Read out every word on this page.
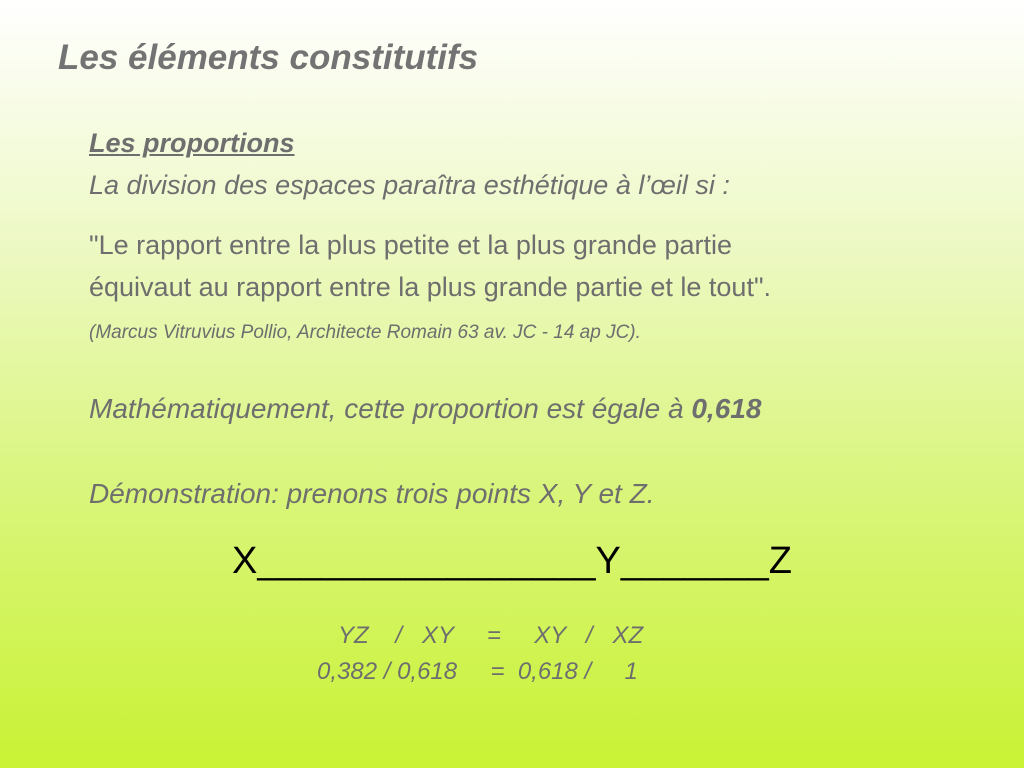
Les éléments constitutifs
Les proportions
La division des espaces paraîtra esthétique à l’œil si :
"Le rapport entre la plus petite et la plus grande partie
équivaut au rapport entre la plus grande partie et le tout".
(Marcus Vitruvius Pollio, Architecte Romain 63 av. JC - 14 ap JC).
Mathématiquement, cette proportion est égale à 0,618
Démonstration: prenons trois points X, Y et Z.
X________________Y_______Z
YZ    /   XY     =     XY   /   XZ
0,382 / 0,618     =  0,618 /     1
